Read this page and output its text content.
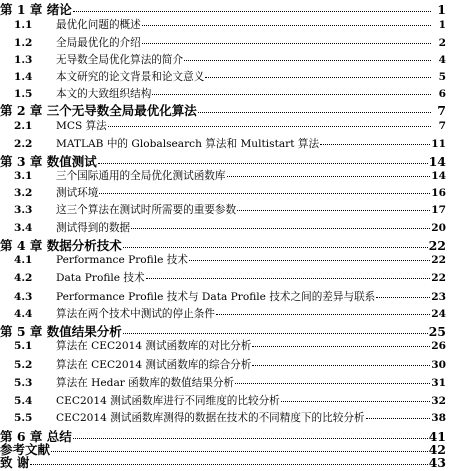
第 1 章 绪论	1
1.1	最优化问题的概述	1
1.2	全局最优化的介绍	2
1.3	无导数全局优化算法的简介	4
1.4	本文研究的论文背景和论文意义	5
1.5	本文的大致组织结构	6
第 2 章 三个无导数全局最优化算法	7
2.1	MCS 算法	7
2.2	MATLAB 中的 Globalsearch 算法和 Multistart 算法	11
第 3 章 数值测试	14
3.1	三个国际通用的全局优化测试函数库	14
3.2	测试环境	16
3.3	这三个算法在测试时所需要的重要参数	17
3.4	测试得到的数据	20
第 4 章 数据分析技术	22
4.1	Performance Profile 技术	22
4.2	Data Profile 技术	22
4.3	Performance Profile 技术与 Data Profile 技术之间的差异与联系	23
4.4	算法在两个技术中测试的停止条件	24
第 5 章 数值结果分析	25
5.1	算法在 CEC2014 测试函数库的对比分析	26
5.2	算法在 CEC2014 测试函数库的综合分析	30
5.3	算法在 Hedar 函数库的数值结果分析	31
5.4	CEC2014 测试函数库进行不同维度的比较分析	32
5.5	CEC2014 测试函数库测得的数据在技术的不同精度下的比较分析	38
第 6 章 总结	41
参考文献	42
致 谢	43
